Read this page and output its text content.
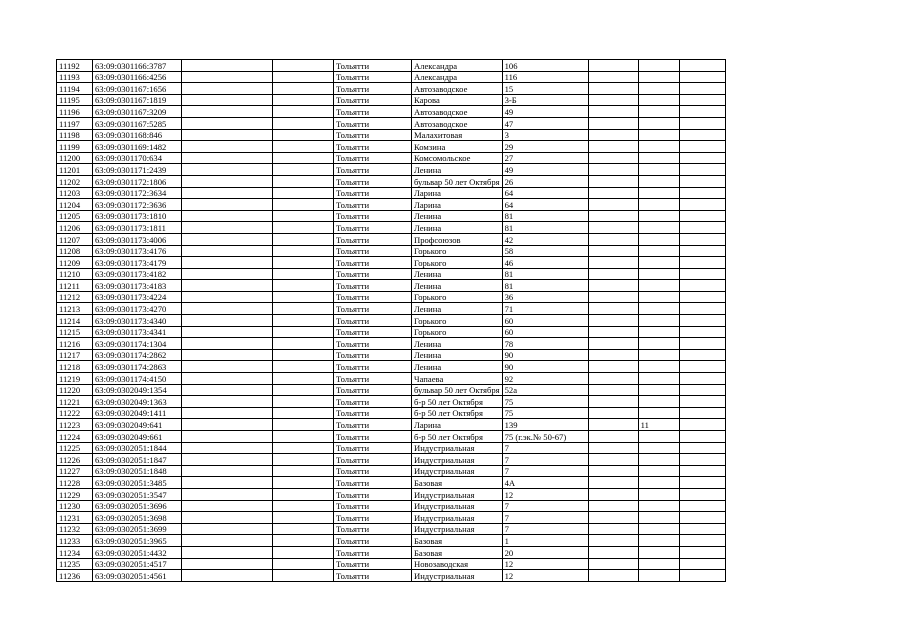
11192	63:09:0301166:3787			Тольятти	Александра	106			
11193	63:09:0301166:4256			Тольятти	Александра	116			
11194	63:09:0301167:1656			Тольятти	Автозаводское	15			
11195	63:09:0301167:1819			Тольятти	Карова	3-Б			
11196	63:09:0301167:3209			Тольятти	Автозаводское	49			
11197	63:09:0301167:5285			Тольятти	Автозаводское	47			
11198	63:09:0301168:846			Тольятти	Малахитовая	3			
11199	63:09:0301169:1482			Тольятти	Комзина	29			
11200	63:09:0301170:634			Тольятти	Комсомольское	27			
11201	63:09:0301171:2439			Тольятти	Ленина	49			
11202	63:09:0301172:1806			Тольятти	бульвар 50 лет Октября	26			
11203	63:09:0301172:3634			Тольятти	Ларина	64			
11204	63:09:0301172:3636			Тольятти	Ларина	64			
11205	63:09:0301173:1810			Тольятти	Ленина	81			
11206	63:09:0301173:1811			Тольятти	Ленина	81			
11207	63:09:0301173:4006			Тольятти	Профсоюзов	42			
11208	63:09:0301173:4176			Тольятти	Горького	58			
11209	63:09:0301173:4179			Тольятти	Горького	46			
11210	63:09:0301173:4182			Тольятти	Ленина	81			
11211	63:09:0301173:4183			Тольятти	Ленина	81			
11212	63:09:0301173:4224			Тольятти	Горького	36			
11213	63:09:0301173:4270			Тольятти	Ленина	71			
11214	63:09:0301173:4340			Тольятти	Горького	60			
11215	63:09:0301173:4341			Тольятти	Горького	60			
11216	63:09:0301174:1304			Тольятти	Ленина	78			
11217	63:09:0301174:2862			Тольятти	Ленина	90			
11218	63:09:0301174:2863			Тольятти	Ленина	90			
11219	63:09:0301174:4150			Тольятти	Чапаева	92			
11220	63:09:0302049:1354			Тольятти	бульвар 50 лет Октября	52а			
11221	63:09:0302049:1363			Тольятти	б-р 50 лет Октября	75			
11222	63:09:0302049:1411			Тольятти	б-р 50 лет Октября	75			
11223	63:09:0302049:641			Тольятти	Ларина	139		11	
11224	63:09:0302049:661			Тольятти	б-р 50 лет Октября	75 (г.эк.№ 50-67)			
11225	63:09:0302051:1844			Тольятти	Индустриальная	7			
11226	63:09:0302051:1847			Тольятти	Индустриальная	7			
11227	63:09:0302051:1848			Тольятти	Индустриальная	7			
11228	63:09:0302051:3485			Тольятти	Базовая	4А			
11229	63:09:0302051:3547			Тольятти	Индустриальная	12			
11230	63:09:0302051:3696			Тольятти	Индустриальная	7			
11231	63:09:0302051:3698			Тольятти	Индустриальная	7			
11232	63:09:0302051:3699			Тольятти	Индустриальная	7			
11233	63:09:0302051:3965			Тольятти	Базовая	1			
11234	63:09:0302051:4432			Тольятти	Базовая	20			
11235	63:09:0302051:4517			Тольятти	Новозаводская	12			
11236	63:09:0302051:4561			Тольятти	Индустриальная	12			
